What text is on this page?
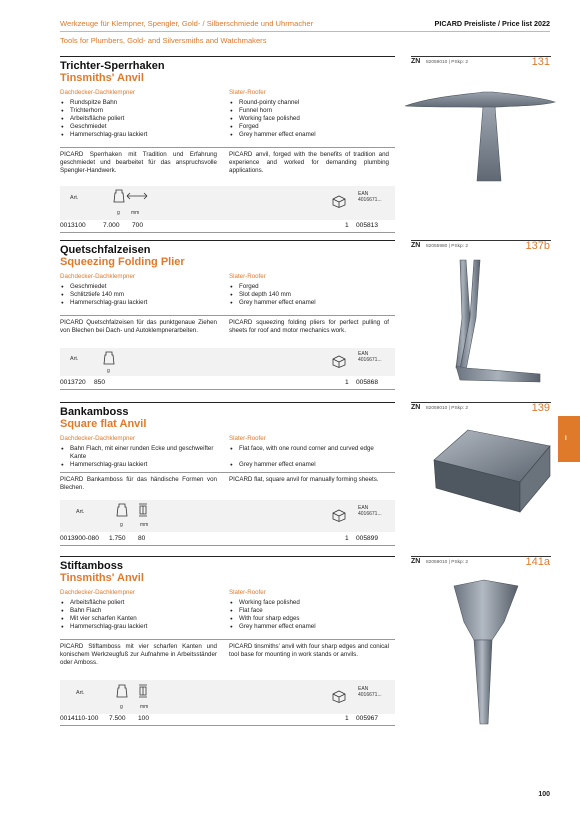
Werkzeuge für Klempner, Spengler, Gold- / Silberschmiede und Uhrmacher	PICARD Preisliste / Price list 2022
Tools for Plumbers, Gold- and Silversmiths and Watchmakers
I
Trichter-Sperrhaken
Tinsmiths' Anvil
Dachdecker-Dachklempner	Slater-Roofer
● Rundspitze Bahn
● Trichterhorn
● Arbeitsfläche poliert
● Geschmiedet
● Hammerschlag-grau lackiert
● Round-pointy channel
● Funnel horn
● Working face polished
● Forged
● Grey hammer effect enamel
PICARD Sperrhaken mit Tradition und Erfahrung geschmiedet und bearbeitet für das anspruchsvolle Spengler-Handwerk.
PICARD anvil, forged with the benefits of tradition and experience and worked for demanding plumbing applications.
Art.
g mm
EAN
4016671...
0013100	7.000 700	1 005813
ZN 82059010 | PSkp: 2	131
Quetschfalzeisen
Squeezing Folding Plier
Dachdecker-Dachklempner	Slater-Roofer
● Geschmiedet
● Schlitztiefe 140 mm
● Hammerschlag-grau lackiert
● Forged
● Slot depth 140 mm
● Grey hammer effect enamel
PICARD Quetschfalzeisen für das punktgenaue Ziehen von Blechen bei Dach- und Autoklempnerarbeiten.
PICARD squeezing folding pliers for perfect pulling of sheets for roof and motor mechanics work.
Art.
g
EAN
4016671...
0013720 850	1 005868
ZN 82055980 | PSkp: 2	137b
Bankamboss
Square flat Anvil
Dachdecker-Dachklempner	Slater-Roofer
● Bahn Flach, mit einer runden Ecke und geschweifter Kante
● Hammerschlag-grau lackiert
● Flat face, with one round corner and curved edge
● Grey hammer effect enamel
PICARD Bankamboss für das händische Formen von Blechen.
PICARD flat, square anvil for manually forming sheets.
Art.
g	mm
EAN
4016671...
0013900-080 1.750 80	1 005899
ZN 82059010 | PSkp: 2	139
Stiftamboss
Tinsmiths' Anvil
Dachdecker-Dachklempner	Slater-Roofer
● Arbeitsfläche poliert
● Bahn Flach
● Mit vier scharfen Kanten
● Hammerschlag-grau lackiert
● Working face polished
● Flat face
● With four sharp edges
● Grey hammer effect enamel
PICARD Stiftamboss mit vier scharfen Kanten und konischem Werkzeugfuß zur Aufnahme in Arbeitsständer oder Amboss.
PICARD tinsmiths' anvil with four sharp edges and conical tool base for mounting in work stands or anvils.
Art.
g	mm
EAN
4016671...
0014110-100 7.500 100	1 005967
ZN 82059010 | PSkp: 2	141a
100
